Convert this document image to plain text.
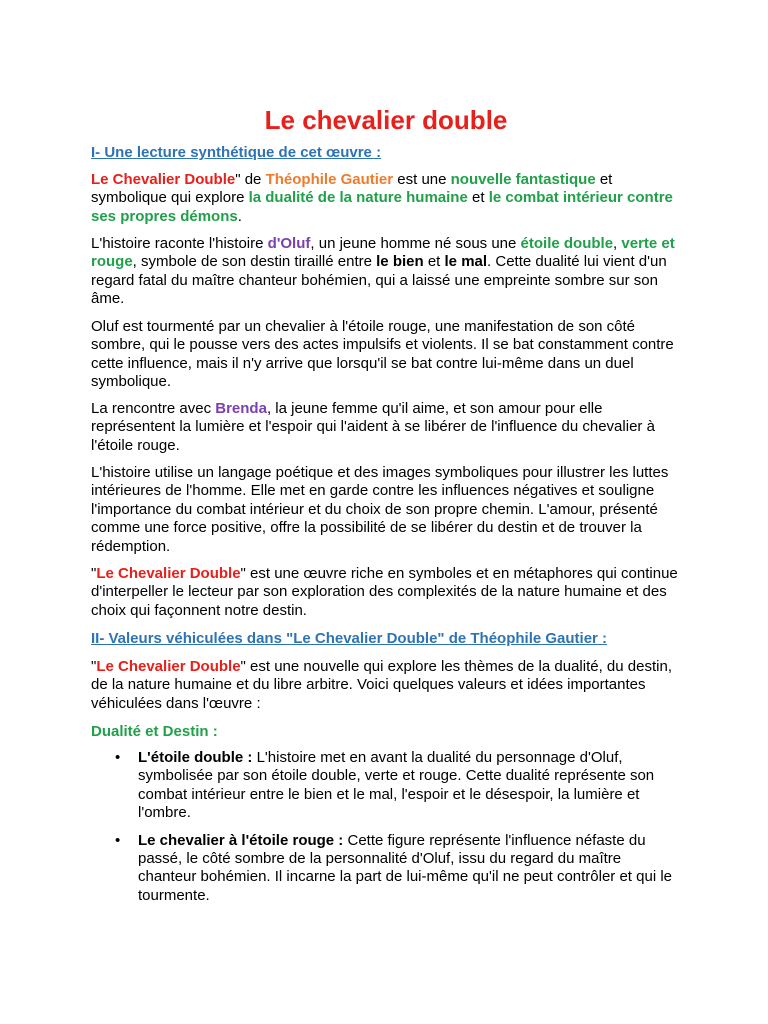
Le chevalier double
I- Une lecture synthétique de cet œuvre :

Le Chevalier Double" de Théophile Gautier est une nouvelle fantastique et symbolique qui explore la dualité de la nature humaine et le combat intérieur contre ses propres démons.

L'histoire raconte l'histoire d'Oluf, un jeune homme né sous une étoile double, verte et rouge, symbole de son destin tiraillé entre le bien et le mal. Cette dualité lui vient d'un regard fatal du maître chanteur bohémien, qui a laissé une empreinte sombre sur son âme.

Oluf est tourmenté par un chevalier à l'étoile rouge, une manifestation de son côté sombre, qui le pousse vers des actes impulsifs et violents. Il se bat constamment contre cette influence, mais il n'y arrive que lorsqu'il se bat contre lui-même dans un duel symbolique.

La rencontre avec Brenda, la jeune femme qu'il aime, et son amour pour elle représentent la lumière et l'espoir qui l'aident à se libérer de l'influence du chevalier à l'étoile rouge.

L'histoire utilise un langage poétique et des images symboliques pour illustrer les luttes intérieures de l'homme. Elle met en garde contre les influences négatives et souligne l'importance du combat intérieur et du choix de son propre chemin. L'amour, présenté comme une force positive, offre la possibilité de se libérer du destin et de trouver la rédemption.

"Le Chevalier Double" est une œuvre riche en symboles et en métaphores qui continue d'interpeller le lecteur par son exploration des complexités de la nature humaine et des choix qui façonnent notre destin.

II- Valeurs véhiculées dans "Le Chevalier Double" de Théophile Gautier :

"Le Chevalier Double" est une nouvelle qui explore les thèmes de la dualité, du destin, de la nature humaine et du libre arbitre. Voici quelques valeurs et idées importantes véhiculées dans l'œuvre :

Dualité et Destin :
• L'étoile double : L'histoire met en avant la dualité du personnage d'Oluf, symbolisée par son étoile double, verte et rouge. Cette dualité représente son combat intérieur entre le bien et le mal, l'espoir et le désespoir, la lumière et l'ombre.
• Le chevalier à l'étoile rouge : Cette figure représente l'influence néfaste du passé, le côté sombre de la personnalité d'Oluf, issu du regard du maître chanteur bohémien. Il incarne la part de lui-même qu'il ne peut contrôler et qui le tourmente.
